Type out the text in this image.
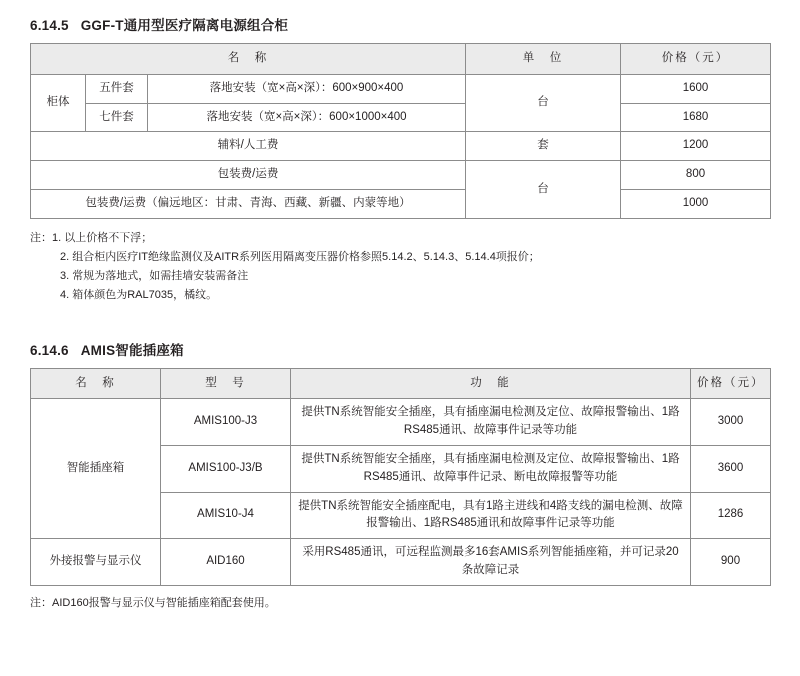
6.14.5 GGF-T通用型医疗隔离电源组合柜
名　称			单　位	价格（元）
柜体	五件套	落地安装（宽×高×深）：600×900×400	台	1600
	七件套	落地安装（宽×高×深）：600×1000×400		1680
辅料/人工费			套	1200
包装费/运费			台	800
包装费/运费（偏远地区：甘肃、青海、西藏、新疆、内蒙等地）				1000
注： 1. 以上价格不下浮；
2. 组合柜内医疗IT绝缘监测仪及AITR系列医用隔离变压器价格参照5.14.2、5.14.3、5.14.4项报价；
3. 常规为落地式，如需挂墙安装需备注
4. 箱体颜色为RAL7035，橘纹。
6.14.6 AMIS智能插座箱
名　称	型　号	功　能	价格（元）
智能插座箱	AMIS100-J3	提供TN系统智能安全插座，具有插座漏电检测及定位、故障报警输出、1路RS485通讯、故障事件记录等功能	3000
	AMIS100-J3/B	提供TN系统智能安全插座，具有插座漏电检测及定位、故障报警输出、1路RS485通讯、故障事件记录、断电故障报警等功能	3600
	AMIS10-J4	提供TN系统智能安全插座配电，具有1路主进线和4路支线的漏电检测、故障报警输出、1路RS485通讯和故障事件记录等功能	1286
外接报警与显示仪	AID160	采用RS485通讯，可远程监测最多16套AMIS系列智能插座箱，并可记录20条故障记录	900
注：AID160报警与显示仪与智能插座箱配套使用。
